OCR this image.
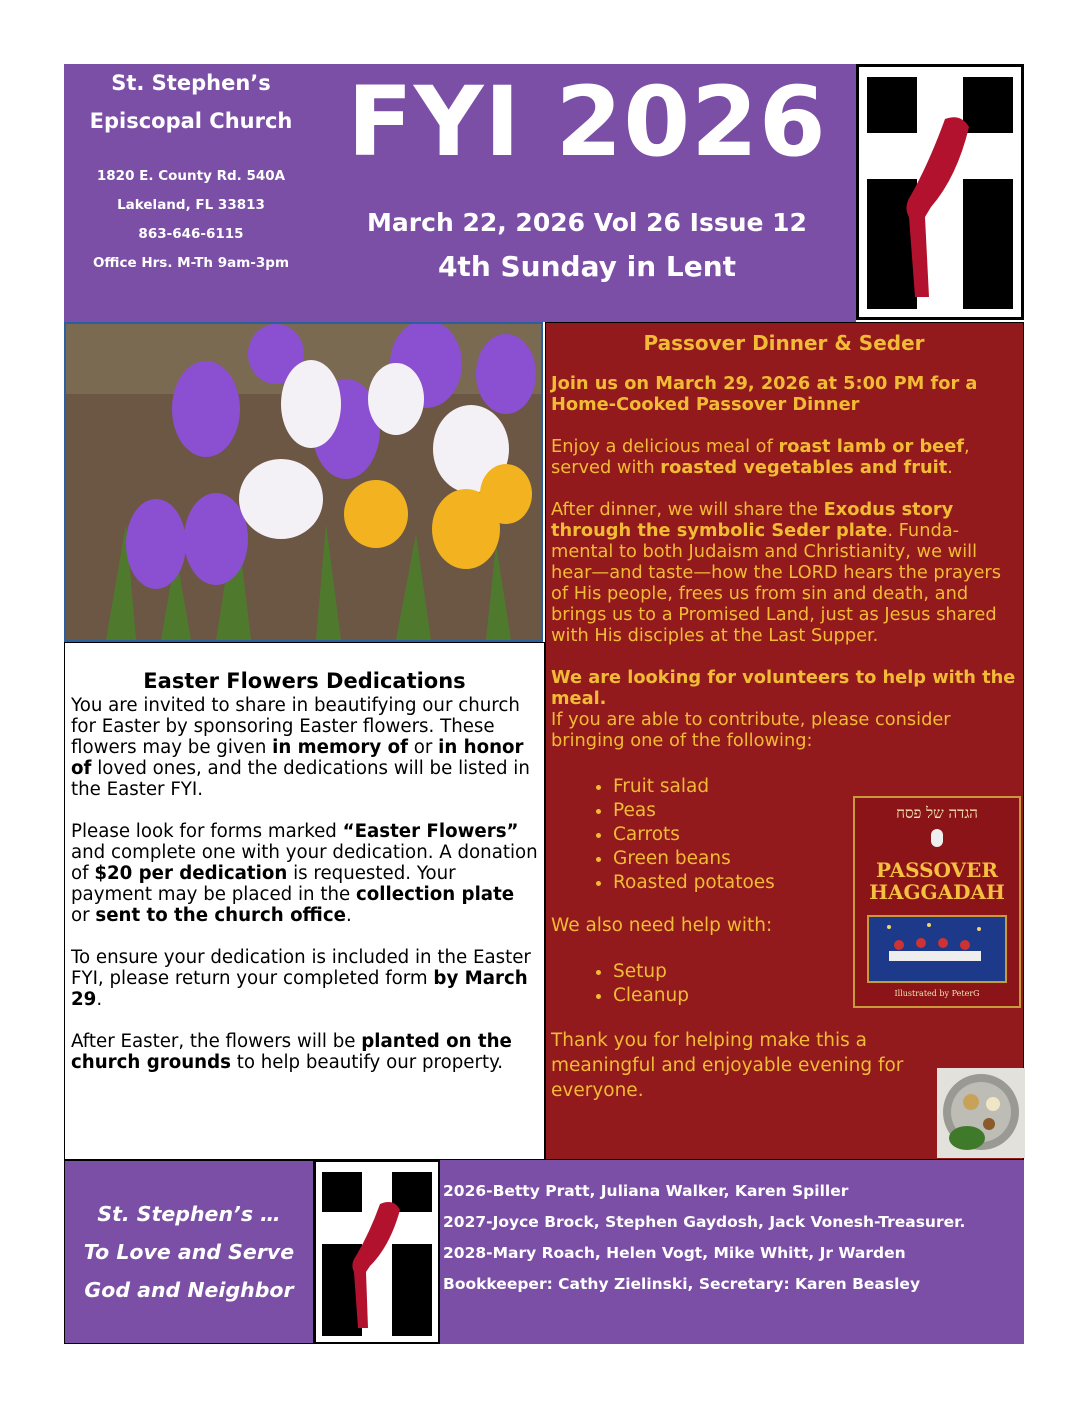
St. Stephen’s
Episcopal Church
1820 E. County Rd. 540A
Lakeland, FL 33813
863-646-6115
Office Hrs. M-Th 9am-3pm
FYI 2026
March 22, 2026 Vol 26 Issue 12
4th Sunday in Lent
Easter Flowers Dedications

You are invited to share in beautifying our church for Easter by sponsoring Easter flowers. These flowers may be given in memory of or in honor of loved ones, and the dedications will be listed in the Easter FYI.

Please look for forms marked “Easter Flowers” and complete one with your dedication. A donation of $20 per dedication is requested. Your payment may be placed in the collection plate or sent to the church office.

To ensure your dedication is included in the Easter FYI, please return your completed form by March 29.

After Easter, the flowers will be planted on the church grounds to help beautify our property.

Passover Dinner & Seder

Join us on March 29, 2026 at 5:00 PM for a Home-Cooked Passover Dinner

Enjoy a delicious meal of roast lamb or beef, served with roasted vegetables and fruit.

After dinner, we will share the Exodus story through the symbolic Seder plate. Funda-mental to both Judaism and Christianity, we will hear—and taste—how the LORD hears the prayers of His people, frees us from sin and death, and brings us to a Promised Land, just as Jesus shared with His disciples at the Last Supper.

We are looking for volunteers to help with the meal.
If you are able to contribute, please consider bringing one of the following:

• Fruit salad
• Peas
• Carrots
• Green beans
• Roasted potatoes

We also need help with:

• Setup
• Cleanup

Thank you for helping make this a meaningful and enjoyable evening for everyone.

הגדה של פסח
PASSOVER
HAGGADAH
Illustrated by PeterG
St. Stephen’s …
To Love and Serve
God and Neighbor
2026-Betty Pratt, Juliana Walker, Karen Spiller
2027-Joyce Brock, Stephen Gaydosh, Jack Vonesh-Treasurer.
2028-Mary Roach, Helen Vogt, Mike Whitt, Jr Warden
Bookkeeper: Cathy Zielinski, Secretary: Karen Beasley
